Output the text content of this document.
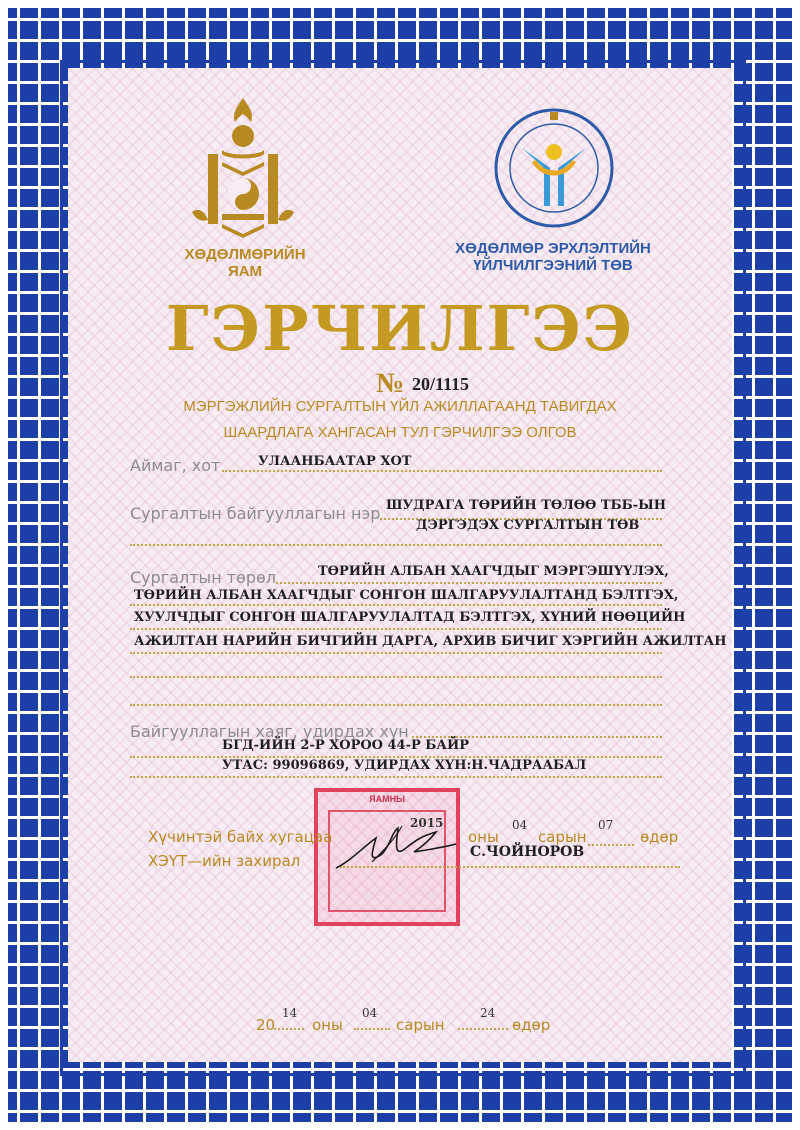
ХӨДӨЛМӨРИЙН
ЯАМ
ХӨДӨЛМӨР ЭРХЛЭЛТИЙН
ҮЙЛЧИЛГЭЭНИЙ ТӨВ
ГЭРЧИЛГЭЭ
№ 20/1115
МЭРГЭЖЛИЙН СУРГАЛТЫН ҮЙЛ АЖИЛЛАГААНД ТАВИГДАХ
ШААРДЛАГА ХАНГАСАН ТУЛ ГЭРЧИЛГЭЭ ОЛГОВ
Аймаг, хот	УЛААНБААТАР ХОТ
Сургалтын байгууллагын нэр ШУДРАГА ТӨРИЙН ТӨЛӨӨ ТББ-ЫН
ДЭРГЭДЭХ СУРГАЛТЫН ТӨВ
Сургалтын төрөл	ТӨРИЙН АЛБАН ХААГЧДЫГ МЭРГЭШҮҮЛЭХ,
ТӨРИЙН АЛБАН ХААГЧДЫГ СОНГОН ШАЛГАРУУЛАЛТАНД БЭЛТГЭХ,
ХУУЛЧДЫГ СОНГОН ШАЛГАРУУЛАЛТАД БЭЛТГЭХ, ХҮНИЙ НӨӨЦИЙН
АЖИЛТАН НАРИЙН БИЧГИЙН ДАРГА, АРХИВ БИЧИГ ХЭРГИЙН АЖИЛТАН
Байгууллагын хаяг, удирдах хүн
БГД-ИЙН 2-Р ХОРОО 44-Р БАЙР
УТАС: 99096869, УДИРДАХ ХҮН:Н.ЧАДРААБАЛ
ЯАМНЫ
Хүчинтэй байх хугацаа
2015
оны
04
сарын
07
өдөр
ХЭҮТ—ийн захирал	С.ЧОЙНОРОВ
20
14
оны
04
сарын
24
өдөр
